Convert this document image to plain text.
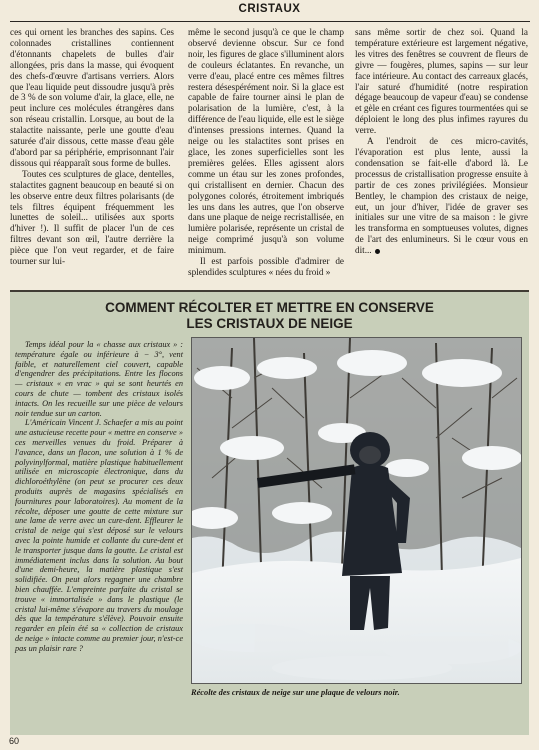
CRISTAUX

ces qui ornent les branches des sapins. Ces colonnades cristallines contiennent d'étonnants chapelets de bulles d'air allongées, pris dans la masse, qui évoquent des chefs-d'œuvre d'artisans verriers. Alors que l'eau liquide peut dissoudre jusqu'à près de 3 % de son volume d'air, la glace, elle, ne peut inclure ces molécules étrangères dans son réseau cristallin. Lorsque, au bout de la stalactite naissante, perle une goutte d'eau saturée d'air dissous, cette masse d'eau gèle d'abord par sa périphérie, emprisonnant l'air dissous qui réapparaît sous forme de bulles.

Toutes ces sculptures de glace, dentelles, stalactites gagnent beaucoup en beauté si on les observe entre deux filtres polarisants (de tels filtres équipent fréquemment les lunettes de soleil... utilisées aux sports d'hiver !). Il suffit de placer l'un de ces filtres devant son œil, l'autre derrière la pièce que l'on veut regarder, et de faire tourner sur lui-

même le second jusqu'à ce que le champ observé devienne obscur. Sur ce fond noir, les figures de glace s'illuminent alors de couleurs éclatantes. En revanche, un verre d'eau, placé entre ces mêmes filtres restera désespérément noir. Si la glace est capable de faire tourner ainsi le plan de polarisation de la lumière, c'est, à la différence de l'eau liquide, elle est le siège d'intenses pressions internes. Quand la neige ou les stalactites sont prises en glace, les zones superficielles sont les premières gelées. Elles agissent alors comme un étau sur les zones profondes, qui cristallisent en dernier. Chacun des polygones colorés, étroitement imbriqués les uns dans les autres, que l'on observe dans une plaque de neige recristallisée, en lumière polarisée, représente un cristal de neige comprimé jusqu'à son volume minimum.

Il est parfois possible d'admirer de splendides sculptures « nées du froid »

sans même sortir de chez soi. Quand la température extérieure est largement négative, les vitres des fenêtres se couvrent de fleurs de givre — fougères, plumes, sapins — sur leur face intérieure. Au contact des carreaux glacés, l'air saturé d'humidité (notre respiration dégage beaucoup de vapeur d'eau) se condense et gèle en créant ces figures tourmentées qui se déploient le long des plus infimes rayures du verre.

A l'endroit de ces micro-cavités, l'évaporation est plus lente, aussi la condensation se fait-elle d'abord là. Le processus de cristallisation progresse ensuite à partir de ces zones privilégiées. Monsieur Bentley, le champion des cristaux de neige, eut, un jour d'hiver, l'idée de graver ses initiales sur une vitre de sa maison : le givre les transforma en somptueuses volutes, dignes de l'art des enlumineurs. Si le cœur vous en dit...

COMMENT RÉCOLTER ET METTRE EN CONSERVE
LES CRISTAUX DE NEIGE

Temps idéal pour la « chasse aux cristaux » : température égale ou inférieure à − 3°, vent faible, et naturellement ciel couvert, capable d'engendrer des précipitations. Entre les flocons — cristaux « en vrac » qui se sont heurtés en cours de chute — tombent des cristaux isolés intacts. On les recueille sur une pièce de velours noir tendue sur un carton.

L'Américain Vincent J. Schaefer a mis au point une astucieuse recette pour « mettre en conserve » ces merveilles venues du froid. Préparer à l'avance, dans un flacon, une solution à 1 % de polyvinylformal, matière plastique habituellement utilisée en microscopie électronique, dans du dichloroéthylène (on peut se procurer ces deux produits auprès de magasins spécialisés en fournitures pour laboratoires). Au moment de la récolte, déposer une goutte de cette mixture sur une lame de verre avec un cure-dent. Effleurer le cristal de neige qui s'est déposé sur le velours avec la pointe humide et collante du cure-dent et le transporter jusque dans la goutte. Le cristal est immédiatement inclus dans la solution. Au bout d'une demi-heure, la matière plastique s'est solidifiée. On peut alors regagner une chambre bien chauffée. L'empreinte parfaite du cristal se trouve « immortalisée » dans le plastique (le cristal lui-même s'évapore au travers du moulage dès que la température s'élève). Pouvoir ensuite regarder en plein été sa « collection de cristaux de neige » intacte comme au premier jour, n'est-ce pas un plaisir rare ?

Récolte des cristaux de neige sur une plaque de velours noir.
60
